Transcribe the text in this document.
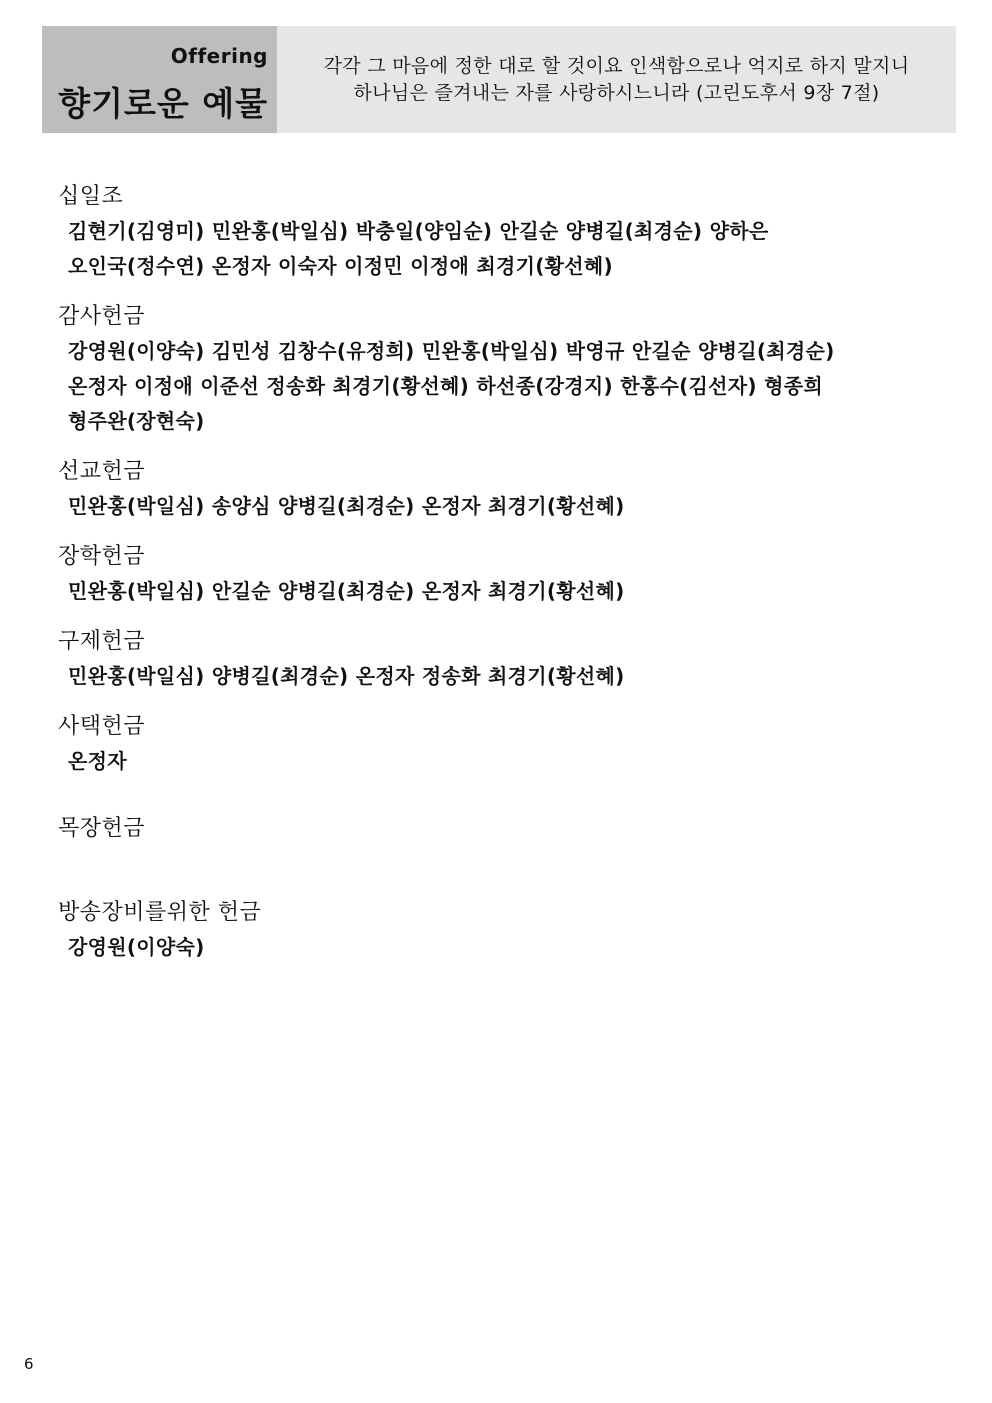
Offering
향기로운 예물
각각 그 마음에 정한 대로 할 것이요 인색함으로나 억지로 하지 말지니
하나님은 즐겨내는 자를 사랑하시느니라 (고린도후서 9장 7절)
십일조
김현기(김영미) 민완홍(박일심) 박충일(양임순) 안길순 양병길(최경순) 양하은
오인국(정수연) 온정자 이숙자 이정민 이정애 최경기(황선혜)
감사헌금
강영원(이양숙) 김민성 김창수(유정희) 민완홍(박일심) 박영규 안길순 양병길(최경순)
온정자 이정애 이준선 정송화 최경기(황선혜) 하선종(강경지) 한홍수(김선자) 형종희
형주완(장현숙)
선교헌금
민완홍(박일심) 송양심 양병길(최경순) 온정자 최경기(황선혜)
장학헌금
민완홍(박일심) 안길순 양병길(최경순) 온정자 최경기(황선혜)
구제헌금
민완홍(박일심) 양병길(최경순) 온정자 정송화 최경기(황선혜)
사택헌금
온정자
목장헌금
방송장비를위한 헌금
강영원(이양숙)
6
